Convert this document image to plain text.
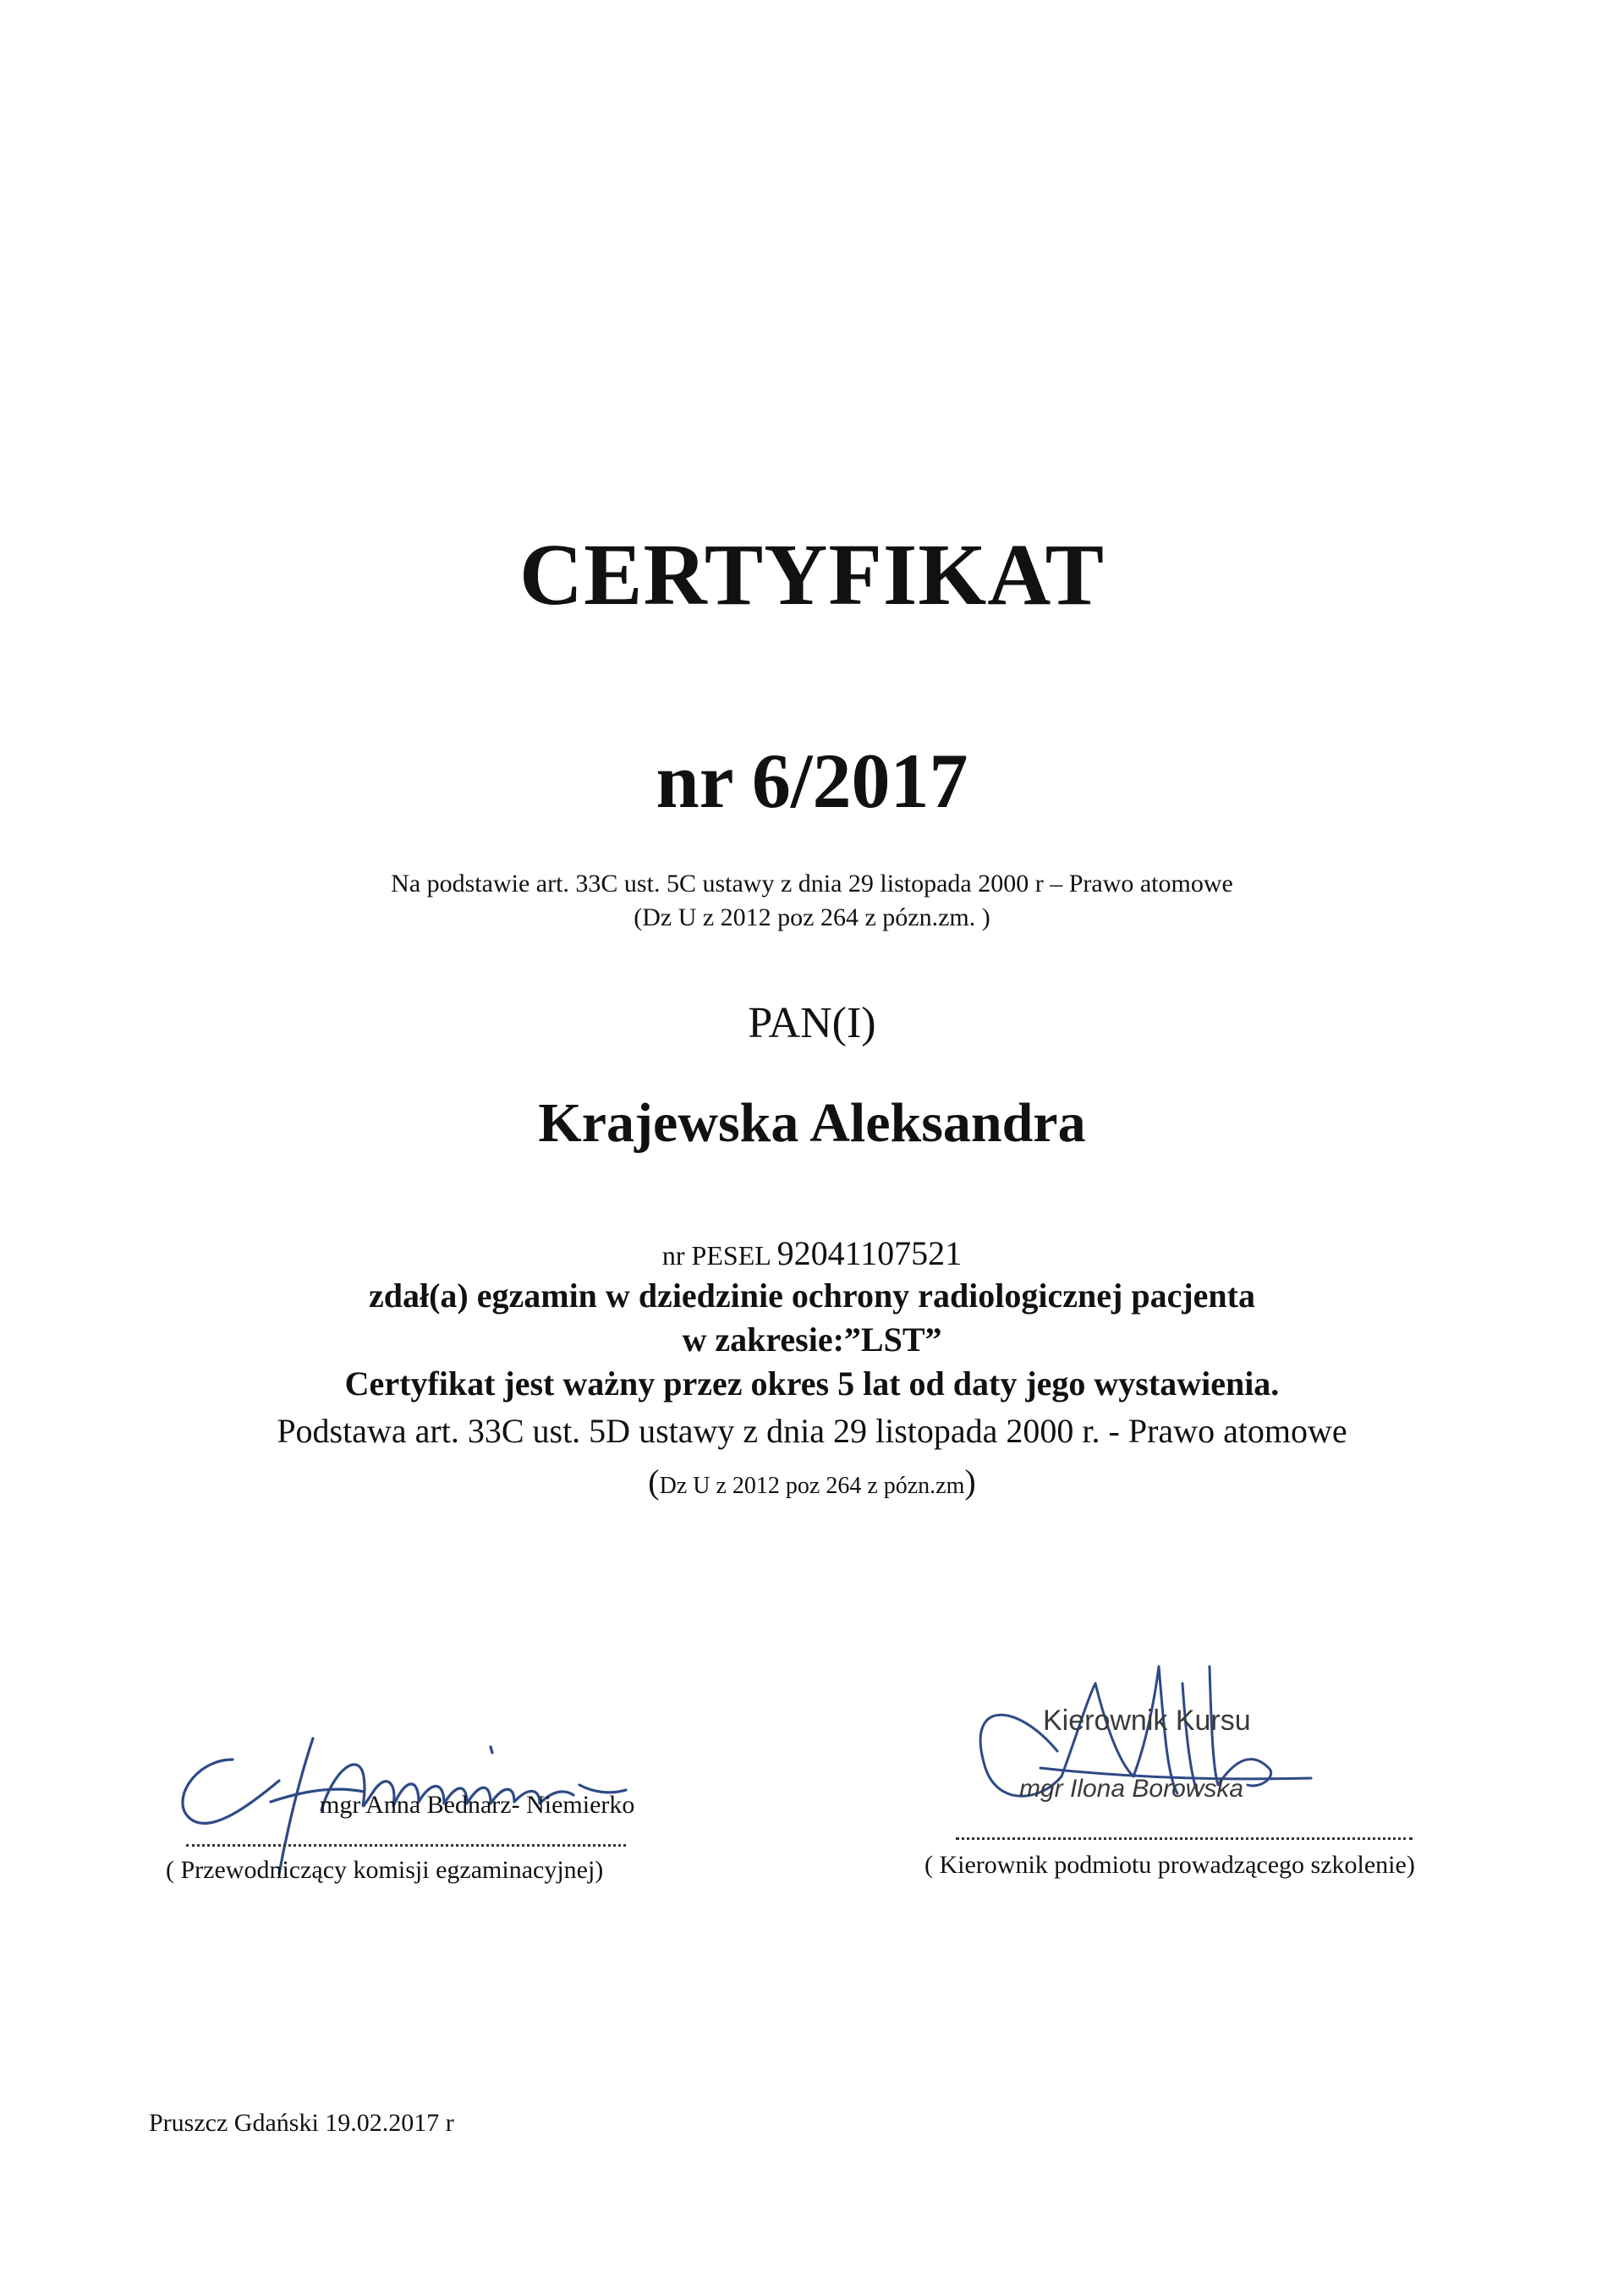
CERTYFIKAT
nr 6/2017
Na podstawie art. 33C ust. 5C ustawy z dnia 29 listopada 2000 r – Prawo atomowe
(Dz U z 2012 poz 264 z pózn.zm. )
PAN(I)
Krajewska Aleksandra
nr PESEL 92041107521
zdał(a) egzamin w dziedzinie ochrony radiologicznej pacjenta
w zakresie:”LST”
Certyfikat jest ważny przez okres 5 lat od daty jego wystawienia.
Podstawa art. 33C ust. 5D ustawy z dnia 29 listopada 2000 r. - Prawo atomowe
(Dz U z 2012 poz 264 z pózn.zm)
mgr Anna Bednarz- Niemierko
( Przewodniczący komisji egzaminacyjnej)
Kierownik Kursu
mgr Ilona Borowska
( Kierownik podmiotu prowadzącego szkolenie)
Pruszcz Gdański 19.02.2017 r
